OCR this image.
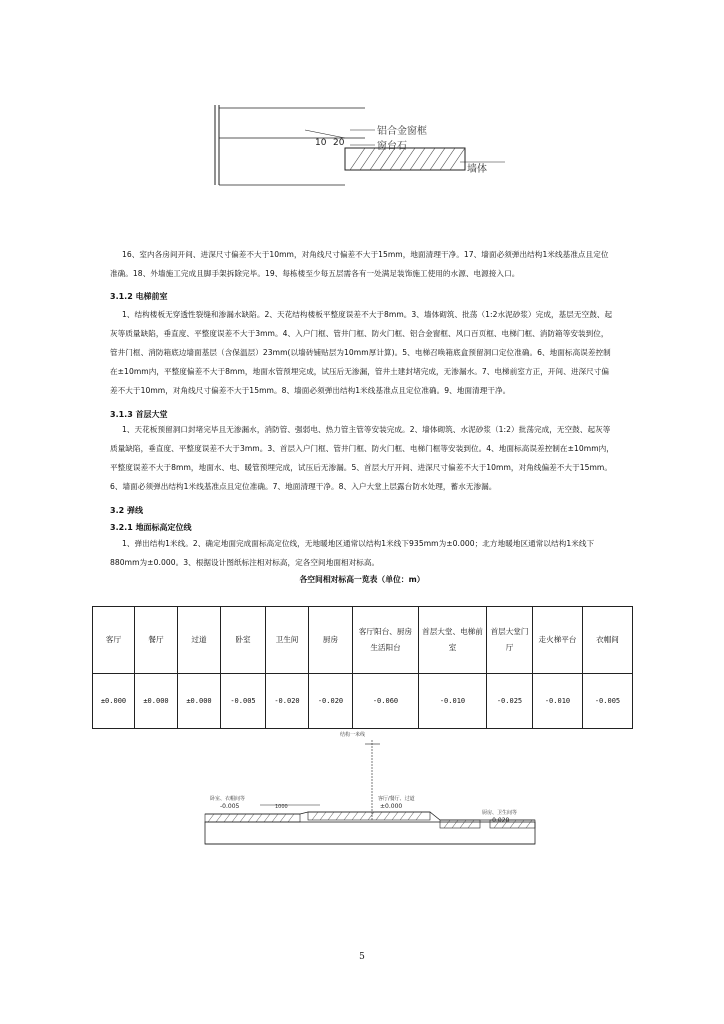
10 20
铝合金窗框
窗台石
墙体
16、室内各房间开间、进深尺寸偏差不大于10mm，对角线尺寸偏差不大于15mm，地面清理干净。17、墙面必须弹出结构1米线基准点且定位准确。18、外墙施工完成且脚手架拆除完毕。19、每栋楼至少每五层需各有一处满足装饰施工使用的水源、电源接入口。
3.1.2 电梯前室
1、结构楼板无穿透性裂缝和渗漏水缺陷。2、天花结构楼板平整度误差不大于8mm。3、墙体砌筑、批荡（1:2水泥砂浆）完成，基层无空鼓、起灰等质量缺陷，垂直度、平整度误差不大于3mm。4、入户门框、管井门框、防火门框、铝合金窗框、风口百页框、电梯门框、消防箱等安装到位，管井门框、消防箱底边墙面基层（含保温层）23mm(以墙砖铺贴层为10mm厚计算)。5、电梯召唤箱底盒预留洞口定位准确。6、地面标高误差控制在±10mm内，平整度偏差不大于8mm，地面水管预埋完成，试压后无渗漏，管井土建封堵完成，无渗漏水。7、电梯前室方正，开间、进深尺寸偏差不大于10mm，对角线尺寸偏差不大于15mm。8、墙面必须弹出结构1米线基准点且定位准确。9、地面清理干净。
3.1.3 首层大堂
1、天花板预留洞口封堵完毕且无渗漏水，消防管、强弱电、热力管主管等安装完成。2、墙体砌筑、水泥砂浆（1:2）批荡完成，无空鼓、起灰等质量缺陷，垂直度、平整度误差不大于3mm。3、首层入户门框、管井门框、防火门框、电梯门框等安装到位。4、地面标高误差控制在±10mm内，平整度误差不大于8mm，地面水、电、暖管预埋完成，试压后无渗漏。5、首层大厅开间、进深尺寸偏差不大于10mm，对角线偏差不大于15mm。6、墙面必须弹出结构1米线基准点且定位准确。7、地面清理干净。8、入户大堂上层露台防水处理，蓄水无渗漏。
3.2 弹线
3.2.1 地面标高定位线
1、弹出结构1米线。2、确定地面完成面标高定位线，无地暖地区通常以结构1米线下935mm为±0.000；北方地暖地区通常以结构1米线下880mm为±0.000。3、根据设计图纸标注相对标高，定各空间地面相对标高。
各空间相对标高一览表（单位：m）
客厅	餐厅	过道	卧室	卫生间	厨房	客厅阳台、厨房生活阳台	首层大堂、电梯前室	首层大堂门厅	走火梯平台	衣帽间
±0.000	±0.000	±0.000	-0.005	-0.020	-0.020	-0.060	-0.010	-0.025	-0.010	-0.005
结构一米线
1000
卧室、衣帽间等
-0.005
客厅/餐厅、过道
±0.000
厨房、卫生间等
-0.020
5
